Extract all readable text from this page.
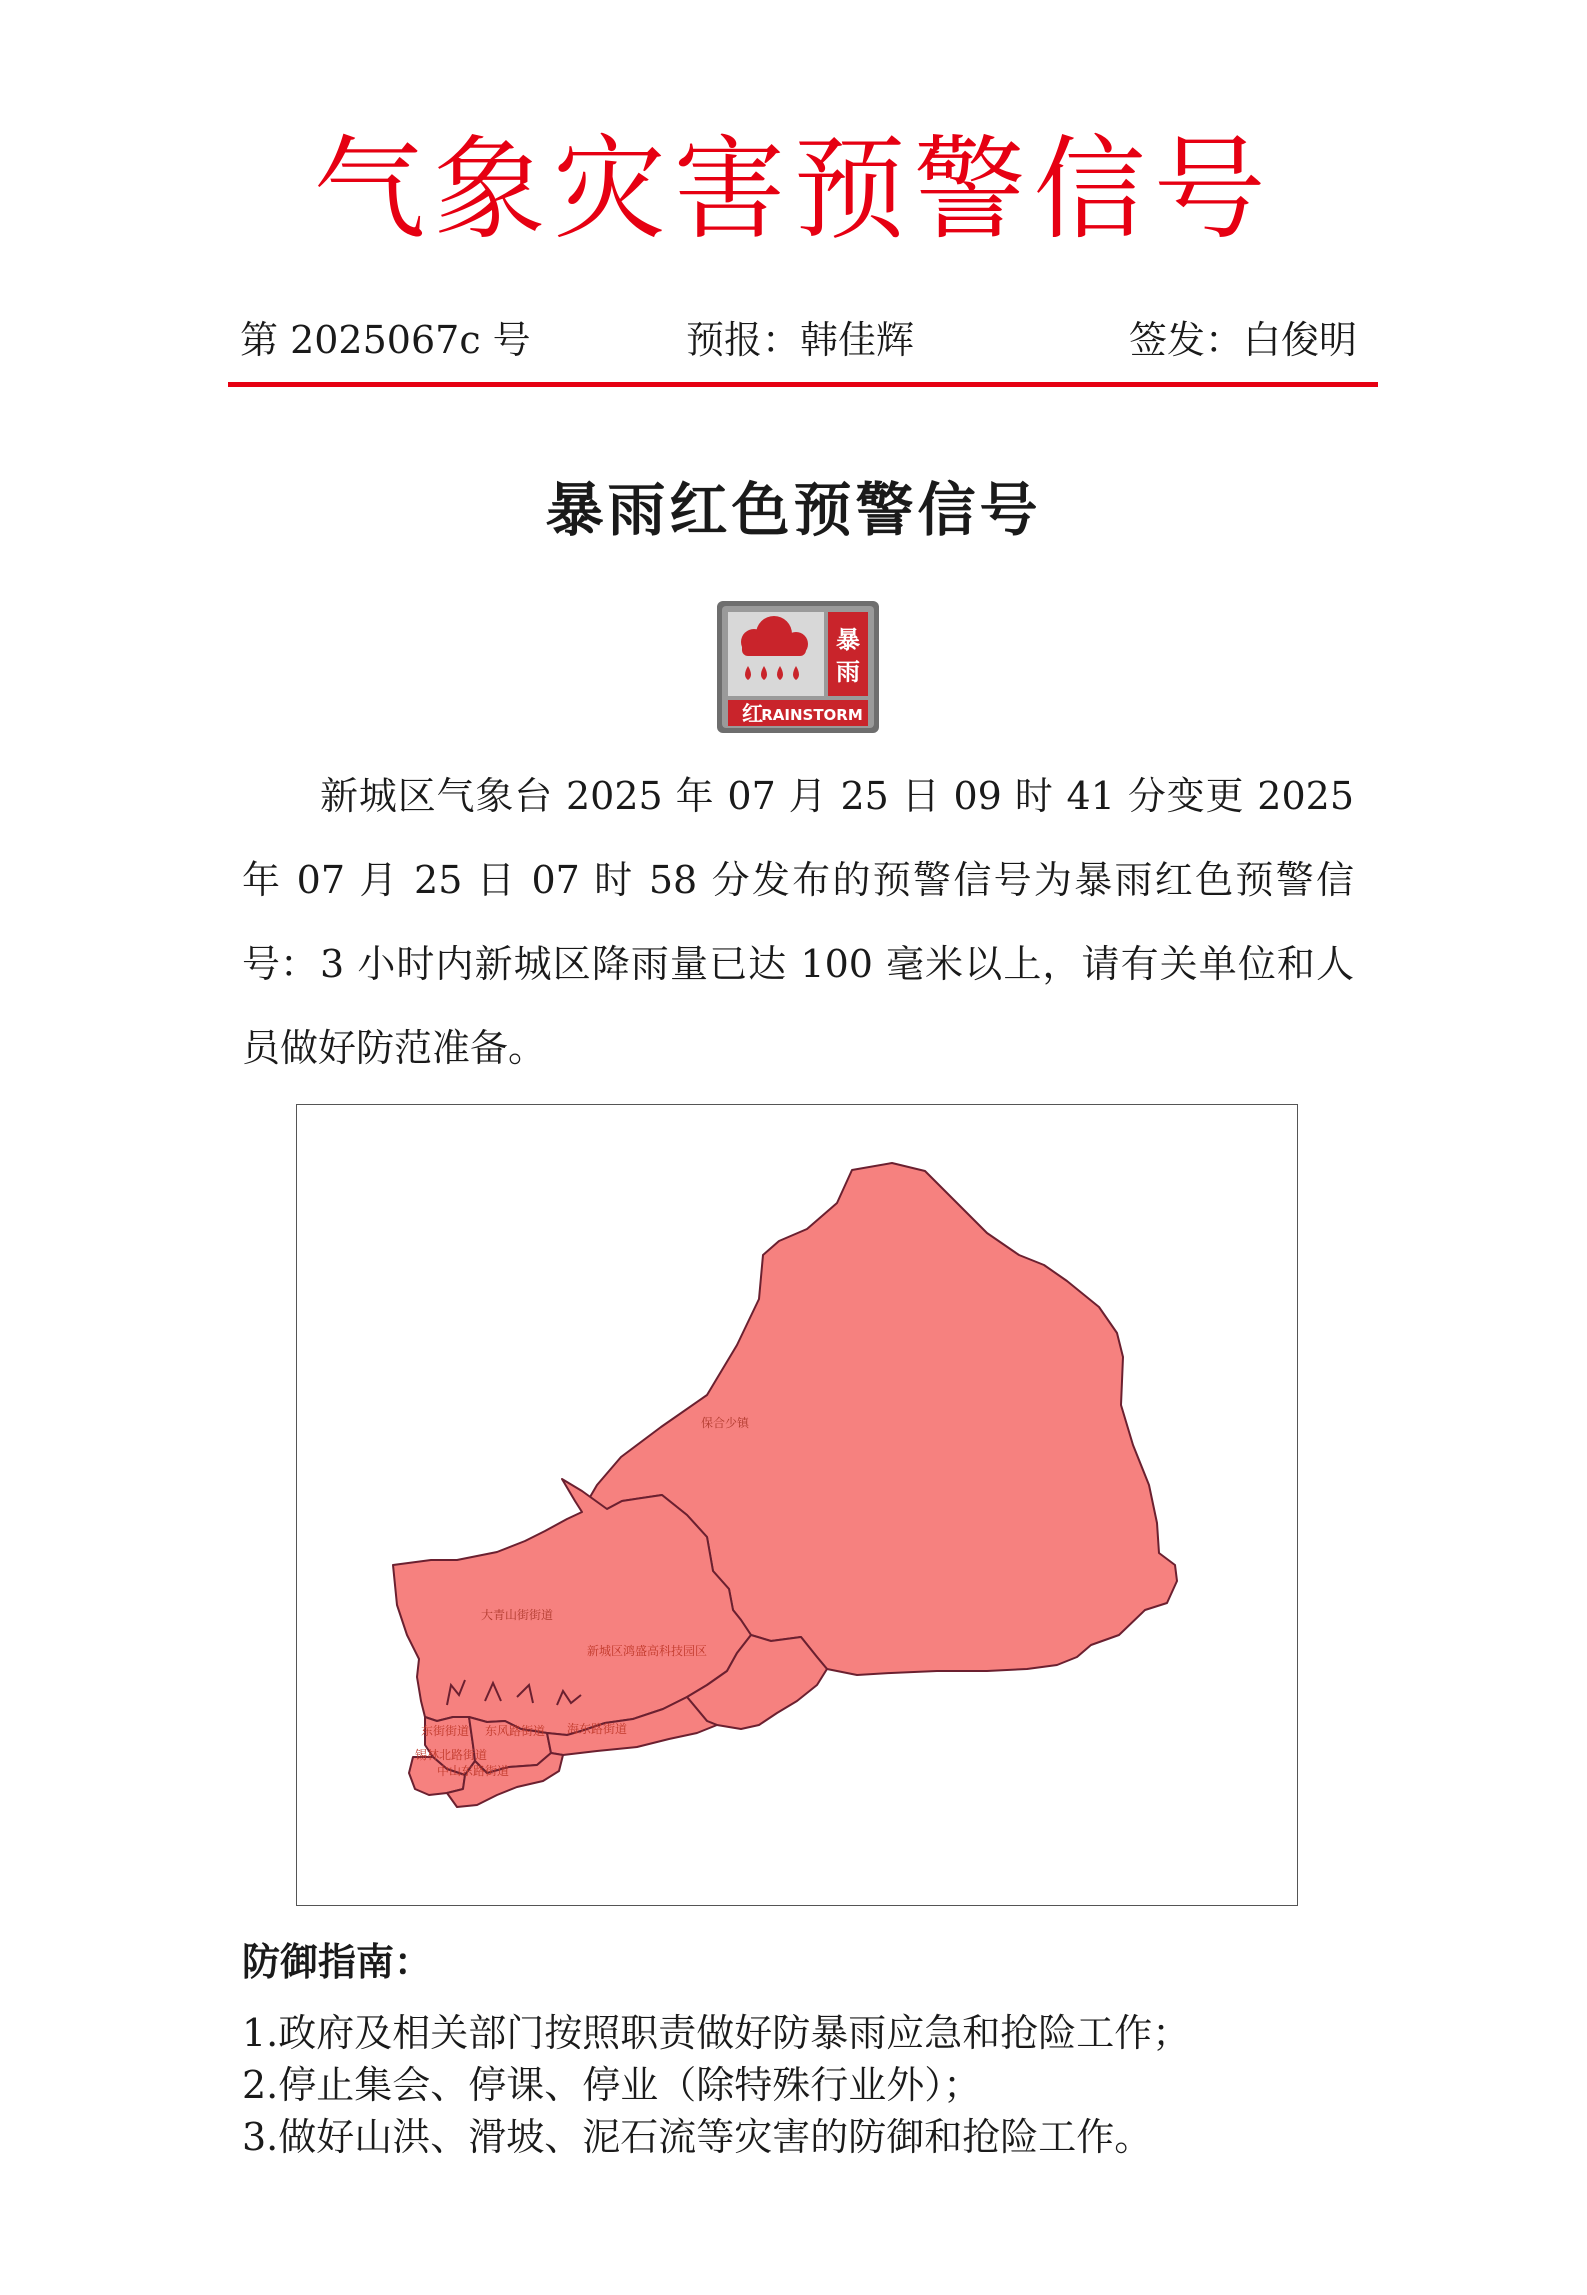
气象灾害预警信号
第 2025067c 号	预报：韩佳辉	签发：白俊明
暴雨红色预警信号
暴
雨
红
RAINSTORM

新城区气象台 2025 年 07 月 25 日 09 时 41 分变更 2025 年 07 月 25 日 07 时 58 分发布的预警信号为暴雨红色预警信号： 3 小时内新城区降雨量已达 100 毫米以上，请有关单位和人员做好防范准备。

保合少镇
大青山街街道
新城区鸿盛高科技园区
东街街道 东风路街道 海东路街道
锡林北路街道
中山东路街道
防御指南：
1.政府及相关部门按照职责做好防暴雨应急和抢险工作；
2.停止集会、停课、停业（除特殊行业外）；
3.做好山洪、滑坡、泥石流等灾害的防御和抢险工作。
